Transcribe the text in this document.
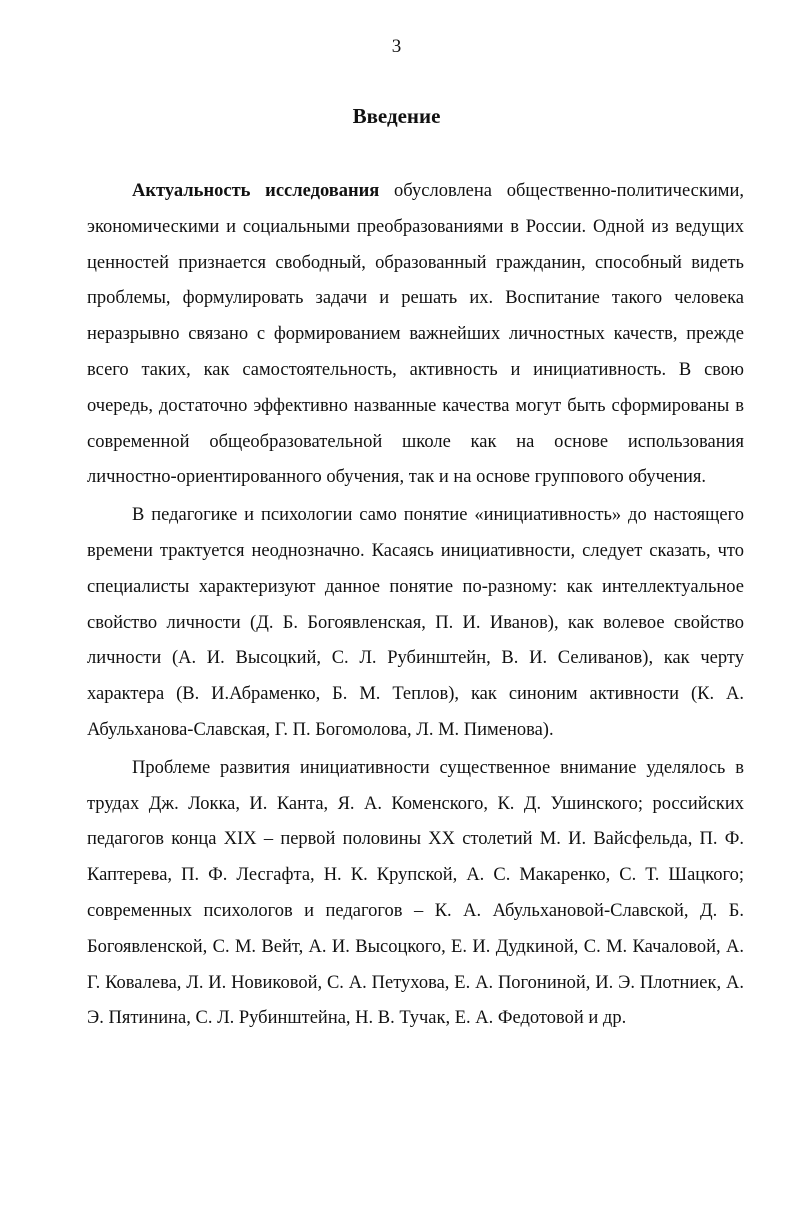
3
Введение

Актуальность исследования обусловлена общественно-политическими, экономическими и социальными преобразованиями в России. Одной из ведущих ценностей признается свободный, образованный гражданин, способный видеть проблемы, формулировать задачи и решать их. Воспитание такого человека неразрывно связано с формированием важнейших личностных качеств, прежде всего таких, как самостоятельность, активность и инициативность. В свою очередь, достаточно эффективно названные качества могут быть сформированы в современной общеобразовательной школе как на основе использования личностно-ориентированного обучения, так и на основе группового обучения.

В педагогике и психологии само понятие «инициативность» до настоящего времени трактуется неоднозначно. Касаясь инициативности, следует сказать, что специалисты характеризуют данное понятие по-разному: как интеллектуальное свойство личности (Д. Б. Богоявленская, П. И. Иванов), как волевое свойство личности (А. И. Высоцкий, С. Л. Рубинштейн, В. И. Селиванов), как черту характера (В. И.Абраменко, Б. М. Теплов), как синоним активности (К. А. Абульханова-Славская, Г. П. Богомолова, Л. М. Пименова).

Проблеме развития инициативности существенное внимание уделялось в трудах Дж. Локка, И. Канта, Я. А. Коменского, К. Д. Ушинского; российских педагогов конца XIX – первой половины XX столетий М. И. Вайсфельда, П. Ф. Каптерева, П. Ф. Лесгафта, Н. К. Крупской, А. С. Макаренко, С. Т. Шацкого; современных психологов и педагогов – К. А. Абульхановой-Славской, Д. Б. Богоявленской, С. М. Вейт, А. И. Высоцкого, Е. И. Дудкиной, С. М. Качаловой, А. Г. Ковалева, Л. И. Новиковой, С. А. Петухова, Е. А. Погониной, И. Э. Плотниек, А. Э. Пятинина, С. Л. Рубинштейна, Н. В. Тучак, Е. А. Федотовой и др.
